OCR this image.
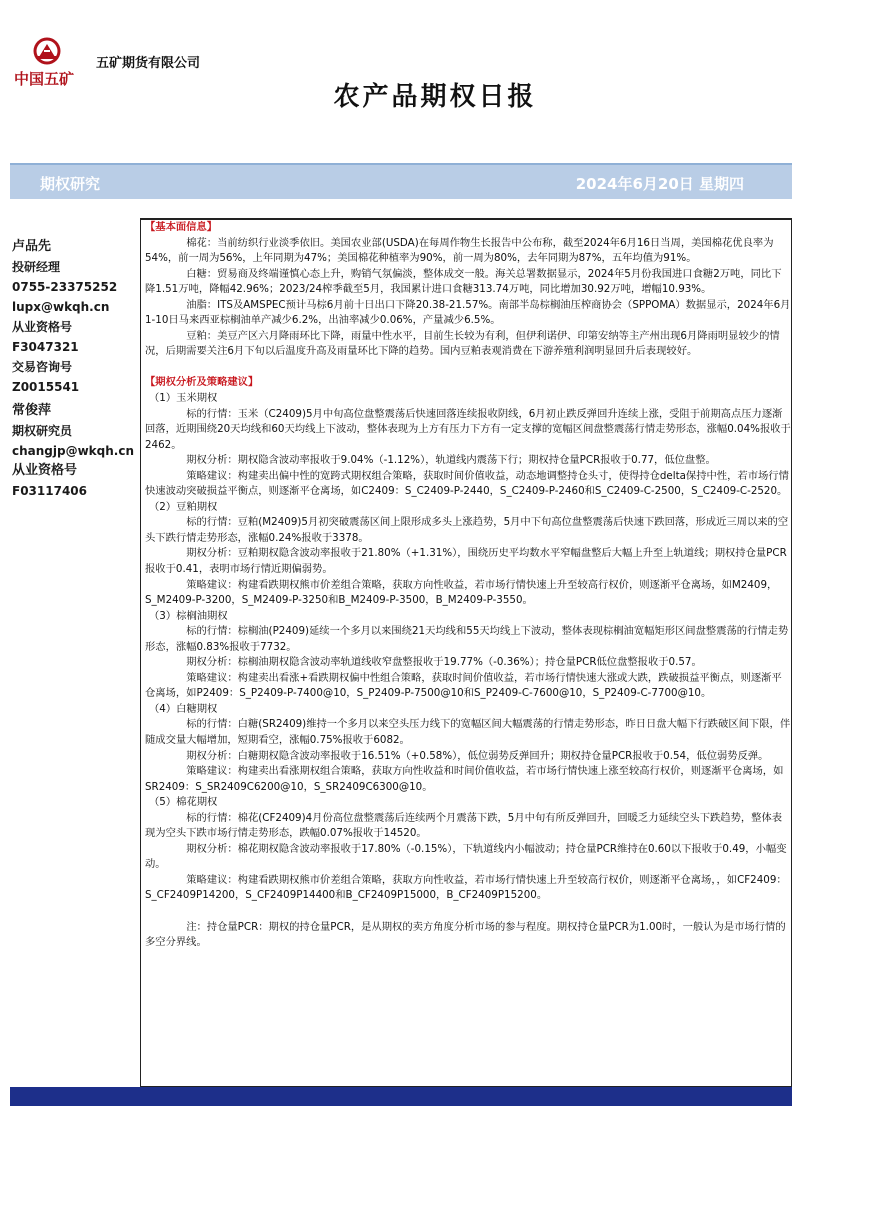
中国五矿
五矿期货有限公司
农产品期权日报
期权研究	2024年6月20日 星期四
卢品先
投研经理
0755-23375252
lupx@wkqh.cn
从业资格号
F3047321
交易咨询号
Z0015541
常俊萍
期权研究员
changjp@wkqh.cn
从业资格号
F03117406

【基本面信息】

棉花：当前纺织行业淡季依旧。美国农业部(USDA)在每周作物生长报告中公布称，截至2024年6月16日当周，美国棉花优良率为54%，前一周为56%，上年同期为47%；美国棉花种植率为90%，前一周为80%，去年同期为87%，五年均值为91%。

白糖：贸易商及终端谨慎心态上升，购销气氛偏淡，整体成交一般。海关总署数据显示，2024年5月份我国进口食糖2万吨，同比下降1.51万吨，降幅42.96%；2023/24榨季截至5月，我国累计进口食糖313.74万吨，同比增加30.92万吨，增幅10.93%。

油脂：ITS及AMSPEC预计马棕6月前十日出口下降20.38-21.57%。南部半岛棕榈油压榨商协会（SPPOMA）数据显示，2024年6月1-10日马来西亚棕榈油单产减少6.2%，出油率减少0.06%，产量减少6.5%。

豆粕：美豆产区六月降雨环比下降，雨量中性水平，目前生长较为有利，但伊利诺伊、印第安纳等主产州出现6月降雨明显较少的情况，后期需要关注6月下旬以后温度升高及雨量环比下降的趋势。国内豆粕表观消费在下游养殖利润明显回升后表现较好。

【期权分析及策略建议】

（1）玉米期权

标的行情：玉米（C2409)5月中旬高位盘整震荡后快速回落连续报收阴线，6月初止跌反弹回升连续上涨，受阻于前期高点压力逐渐回落，近期围绕20天均线和60天均线上下波动，整体表现为上方有压力下方有一定支撑的宽幅区间盘整震荡行情走势形态，涨幅0.04%报收于2462。

期权分析：期权隐含波动率报收于9.04%（-1.12%），轨道线内震荡下行；期权持仓量PCR报收于0.77，低位盘整。

策略建议：构建卖出偏中性的宽跨式期权组合策略，获取时间价值收益，动态地调整持仓头寸，使得持仓delta保持中性，若市场行情快速波动突破损益平衡点，则逐渐平仓离场，如C2409：S_C2409-P-2440，S_C2409-P-2460和S_C2409-C-2500，S_C2409-C-2520。

（2）豆粕期权

标的行情：豆粕(M2409)5月初突破震荡区间上限形成多头上涨趋势，5月中下旬高位盘整震荡后快速下跌回落，形成近三周以来的空头下跌行情走势形态，涨幅0.24%报收于3378。

期权分析：豆粕期权隐含波动率报收于21.80%（+1.31%），围绕历史平均数水平窄幅盘整后大幅上升至上轨道线；期权持仓量PCR报收于0.41，表明市场行情近期偏弱势。

策略建议：构建看跌期权熊市价差组合策略，获取方向性收益，若市场行情快速上升至较高行权价，则逐渐平仓离场，如M2409，S_M2409-P-3200，S_M2409-P-3250和B_M2409-P-3500，B_M2409-P-3550。

（3）棕榈油期权

标的行情：棕榈油(P2409)延续一个多月以来围绕21天均线和55天均线上下波动，整体表现棕榈油宽幅矩形区间盘整震荡的行情走势形态，涨幅0.83%报收于7732。

期权分析：棕榈油期权隐含波动率轨道线收窄盘整报收于19.77%（-0.36%）；持仓量PCR低位盘整报收于0.57。

策略建议：构建卖出看涨+看跌期权偏中性组合策略，获取时间价值收益，若市场行情快速大涨或大跌，跌破损益平衡点，则逐渐平仓离场，如P2409：S_P2409-P-7400@10，S_P2409-P-7500@10和S_P2409-C-7600@10，S_P2409-C-7700@10。

（4）白糖期权

标的行情：白糖(SR2409)维持一个多月以来空头压力线下的宽幅区间大幅震荡的行情走势形态，昨日日盘大幅下行跌破区间下限，伴随成交量大幅增加，短期看空，涨幅0.75%报收于6082。

期权分析：白糖期权隐含波动率报收于16.51%（+0.58%），低位弱势反弹回升；期权持仓量PCR报收于0.54，低位弱势反弹。

策略建议：构建卖出看涨期权组合策略，获取方向性收益和时间价值收益，若市场行情快速上涨至较高行权价，则逐渐平仓离场，如SR2409：S_SR2409C6200@10，S_SR2409C6300@10。

（5）棉花期权

标的行情：棉花(CF2409)4月份高位盘整震荡后连续两个月震荡下跌，5月中旬有所反弹回升，回暖乏力延续空头下跌趋势，整体表现为空头下跌市场行情走势形态，跌幅0.07%报收于14520。

期权分析：棉花期权隐含波动率报收于17.80%（-0.15%），下轨道线内小幅波动；持仓量PCR维持在0.60以下报收于0.49，小幅变动。

策略建议：构建看跌期权熊市价差组合策略，获取方向性收益，若市场行情快速上升至较高行权价，则逐渐平仓离场，，如CF2409：S_CF2409P14200，S_CF2409P14400和B_CF2409P15000，B_CF2409P15200。

注：持仓量PCR：期权的持仓量PCR，是从期权的卖方角度分析市场的参与程度。期权持仓量PCR为1.00时，一般认为是市场行情的多空分界线。
